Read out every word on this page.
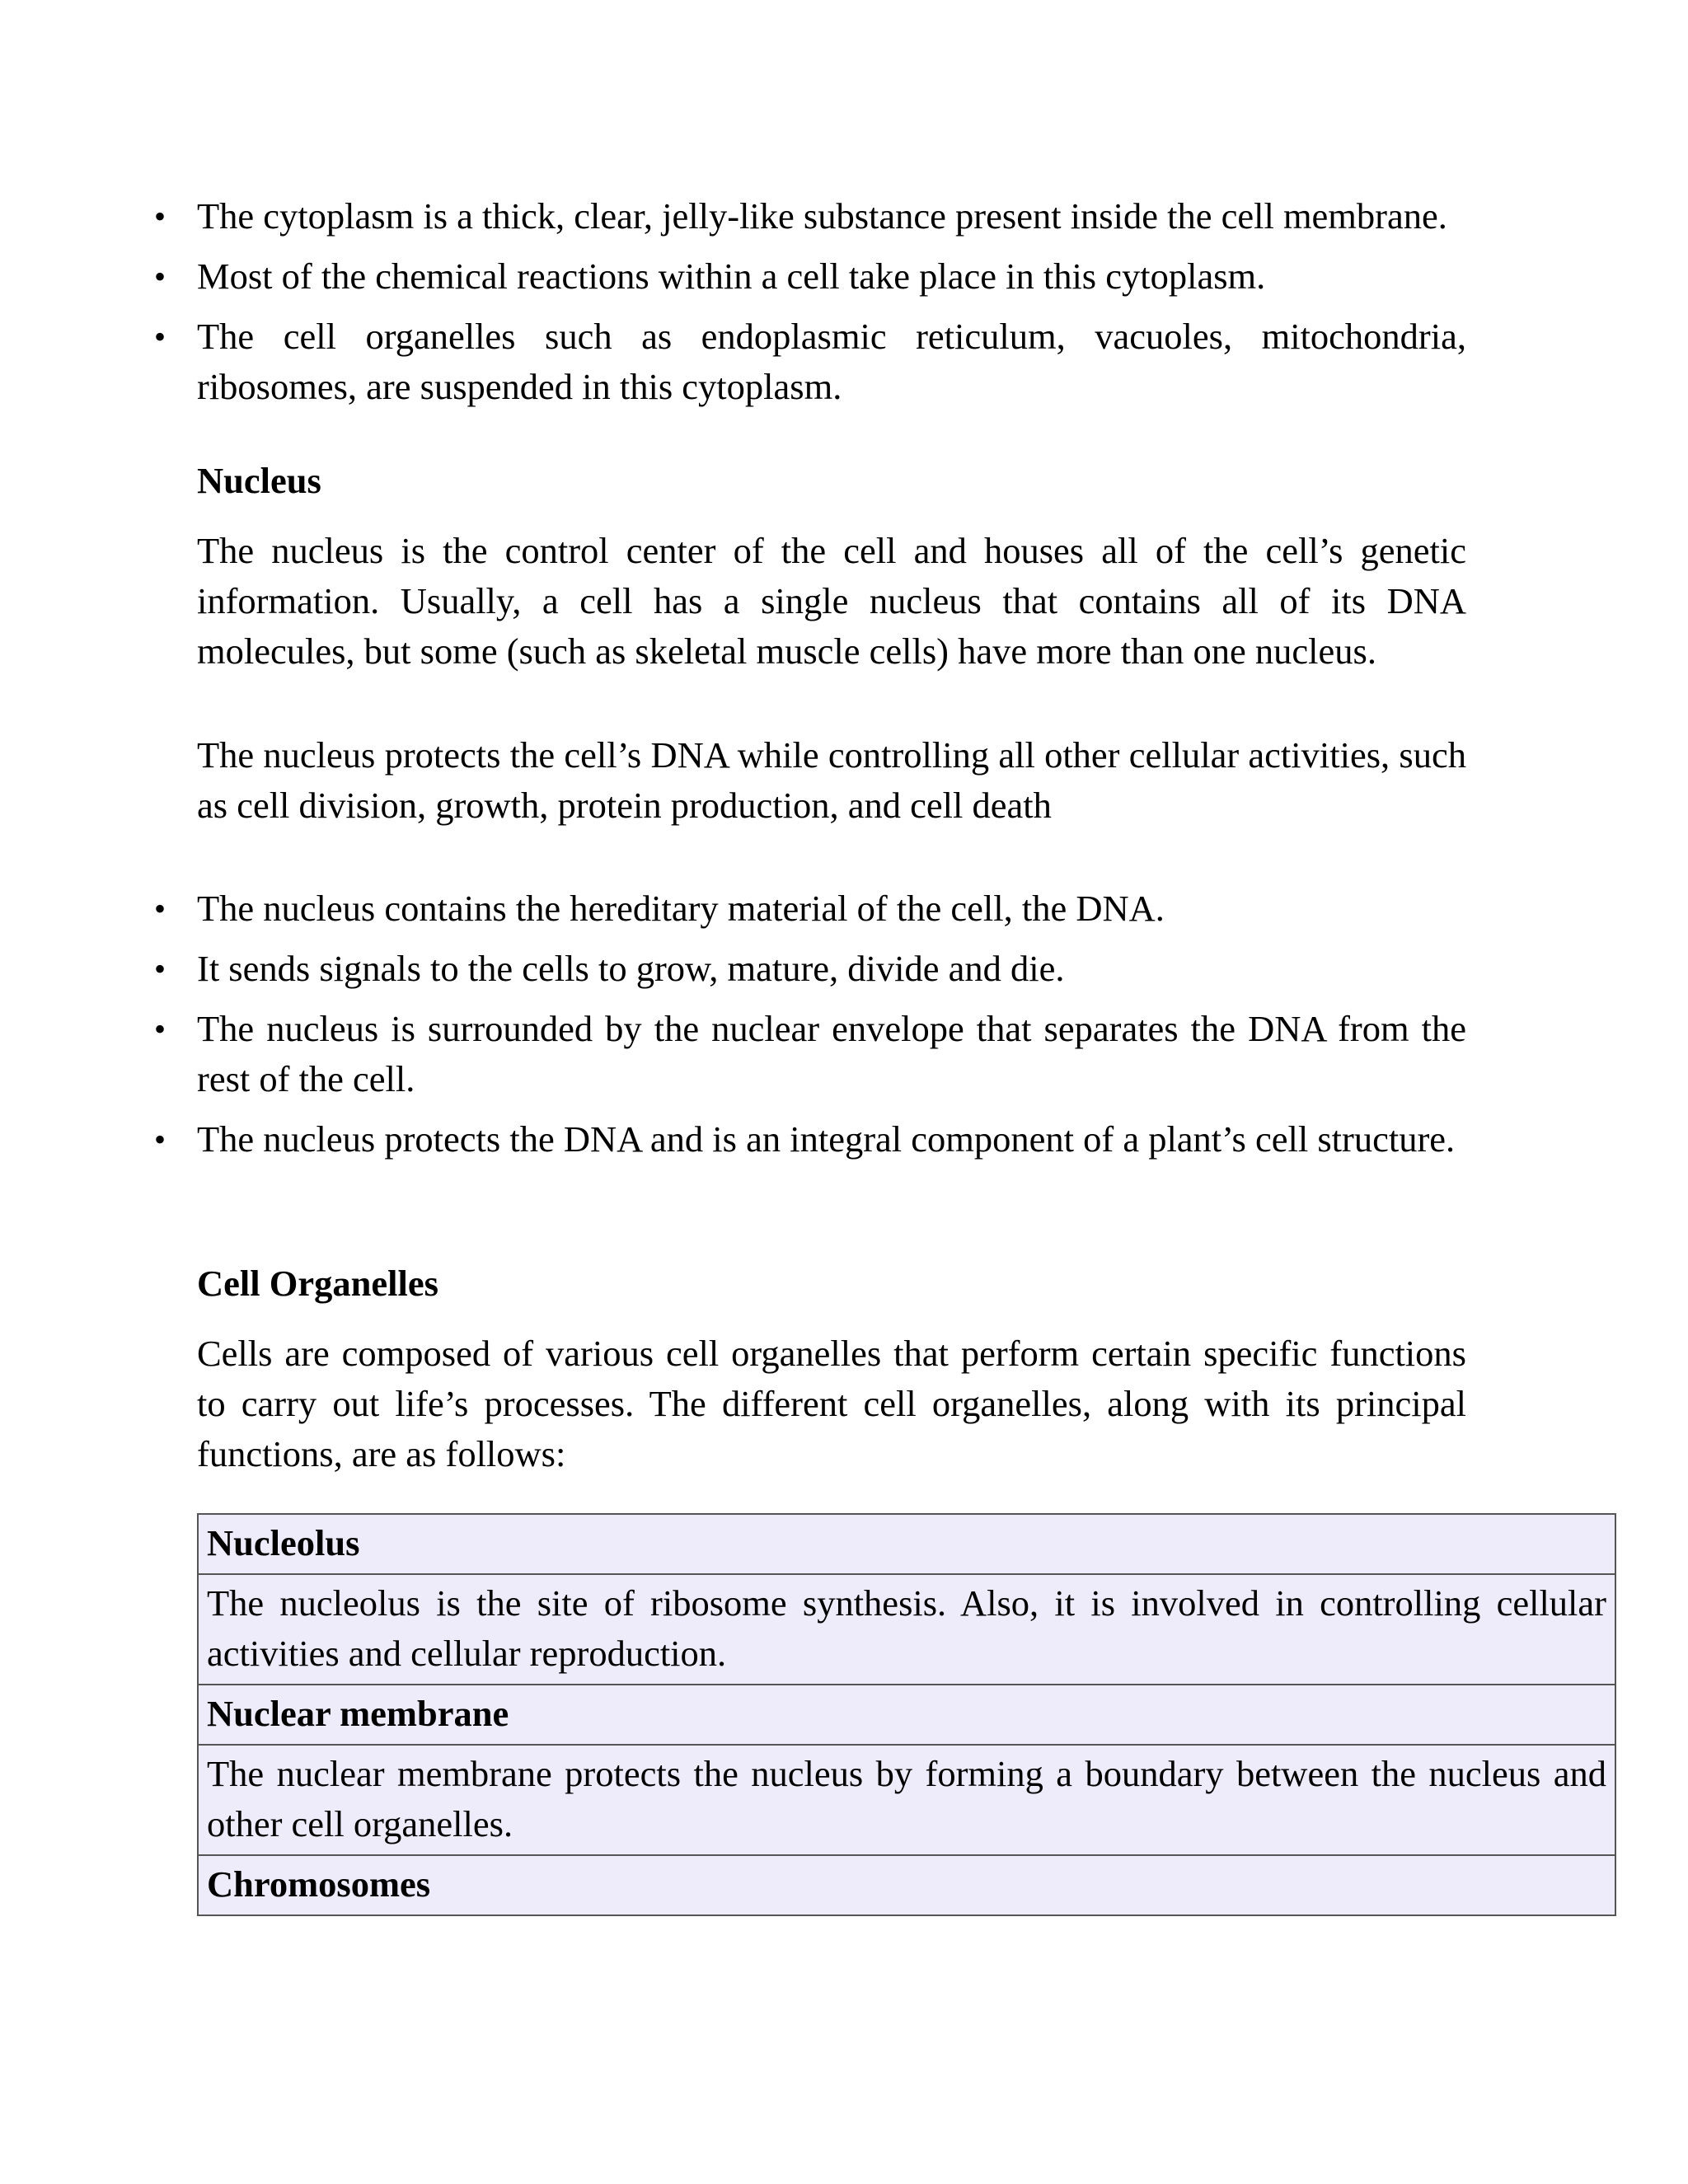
• The cytoplasm is a thick, clear, jelly-like substance present inside the cell membrane.
• Most of the chemical reactions within a cell take place in this cytoplasm.
• The cell organelles such as endoplasmic reticulum, vacuoles, mitochondria, ribosomes, are suspended in this cytoplasm.
Nucleus

The nucleus is the control center of the cell and houses all of the cell’s genetic information. Usually, a cell has a single nucleus that contains all of its DNA molecules, but some (such as skeletal muscle cells) have more than one nucleus.

The nucleus protects the cell’s DNA while controlling all other cellular activities, such as cell division, growth, protein production, and cell death

• The nucleus contains the hereditary material of the cell, the DNA.
• It sends signals to the cells to grow, mature, divide and die.
• The nucleus is surrounded by the nuclear envelope that separates the DNA from the rest of the cell.
• The nucleus protects the DNA and is an integral component of a plant’s cell structure.
Cell Organelles

Cells are composed of various cell organelles that perform certain specific functions to carry out life’s processes. The different cell organelles, along with its principal functions, are as follows:

Nucleolus
The nucleolus is the site of ribosome synthesis. Also, it is involved in controlling cellular activities and cellular reproduction.
Nuclear membrane
The nuclear membrane protects the nucleus by forming a boundary between the nucleus and other cell organelles.
Chromosomes
